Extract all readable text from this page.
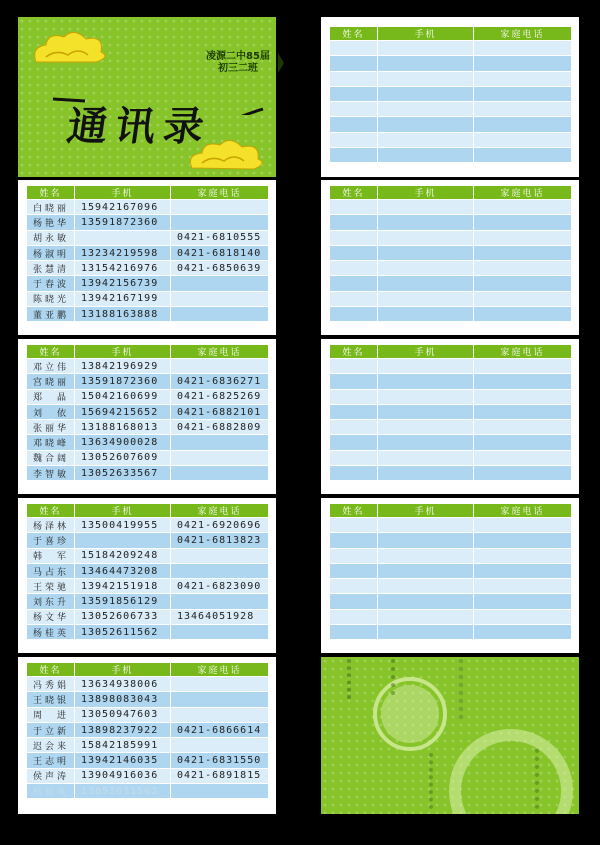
凌源二中85届
初三二班
通讯录
姓名	手机	家庭电话
白晓丽	15942167096	
杨艳华	13591872360	
胡永敏		0421-6810555
杨淑明	13234219598	0421-6818140
张慧清	13154216976	0421-6850639
于春波	13942156739	
陈晓光	13942167199	
董亚鹏	13188163888	
姓名	手机	家庭电话
邓立伟	13842196929	
宫晓丽	13591872360	0421-6836271
郑　晶	15042160699	0421-6825269
刘　依	15694215652	0421-6882101
张丽华	13188168013	0421-6882809
邓晓峰	13634900028	
魏合阔	13052607609	
李智敏	13052633567	
姓名	手机	家庭电话
杨泽林	13500419955	0421-6920696
于喜珍		0421-6813823
韩　军	15184209248	
马占东	13464473208	
王荣驰	13942151918	0421-6823090
刘东升	13591856129	
杨文华	13052606733	13464051928
杨桂英	13052611562	
姓名	手机	家庭电话
冯秀娟	13634938006	
王晓银	13898083043	
周　进	13050947603	
于立新	13898237922	0421-6866614
迟会来	15842185991	
王志明	13942146035	0421-6831550
侯声涛	13904916036	0421-6891815
杨桂英	13052611562	
姓名	手机	家庭电话

姓名	手机	家庭电话

姓名	手机	家庭电话

姓名	手机	家庭电话
